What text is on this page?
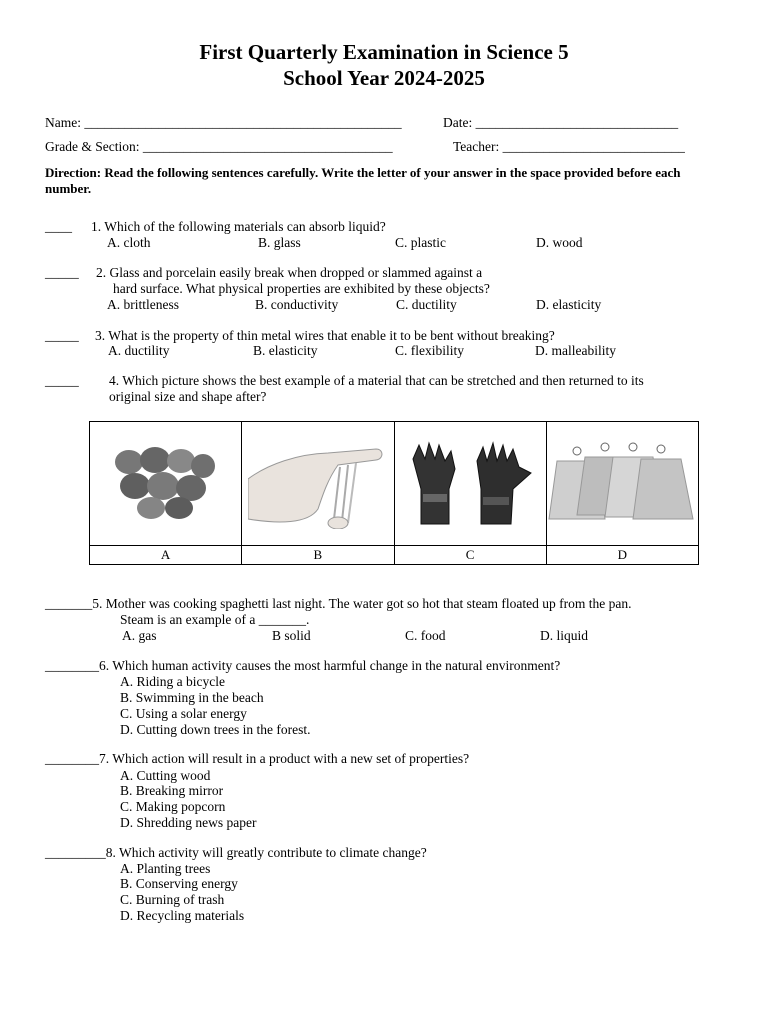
First Quarterly Examination in Science 5
School Year 2024-2025
Name: _______________________________________________	Date: ______________________________
Grade & Section: _____________________________________	Teacher: ___________________________
Direction: Read the following sentences carefully. Write the letter of your answer in the space provided before each number.
____ 1. Which of the following materials can absorb liquid?
A. cloth	B. glass	C. plastic	D. wood
_____ 2. Glass and porcelain easily break when dropped or slammed against a
hard surface. What physical properties are exhibited by these objects?
A. brittleness	B. conductivity	C. ductility	D. elasticity
_____ 3. What is the property of thin metal wires that enable it to be bent without breaking?
A. ductility	B. elasticity	C. flexibility	D. malleability
_____ 4. Which picture shows the best example of a material that can be stretched and then returned to its
original size and shape after?

A	B	C	D
_______5. Mother was cooking spaghetti last night. The water got so hot that steam floated up from the pan.
Steam is an example of a _______.
A. gas	B solid	C. food	D. liquid
________6. Which human activity causes the most harmful change in the natural environment?
A. Riding a bicycle
B. Swimming in the beach
C. Using a solar energy
D. Cutting down trees in the forest.
________7. Which action will result in a product with a new set of properties?
A. Cutting wood
B. Breaking mirror
C. Making popcorn
D. Shredding news paper
_________8. Which activity will greatly contribute to climate change?
A. Planting trees
B. Conserving energy
C. Burning of trash
D. Recycling materials
